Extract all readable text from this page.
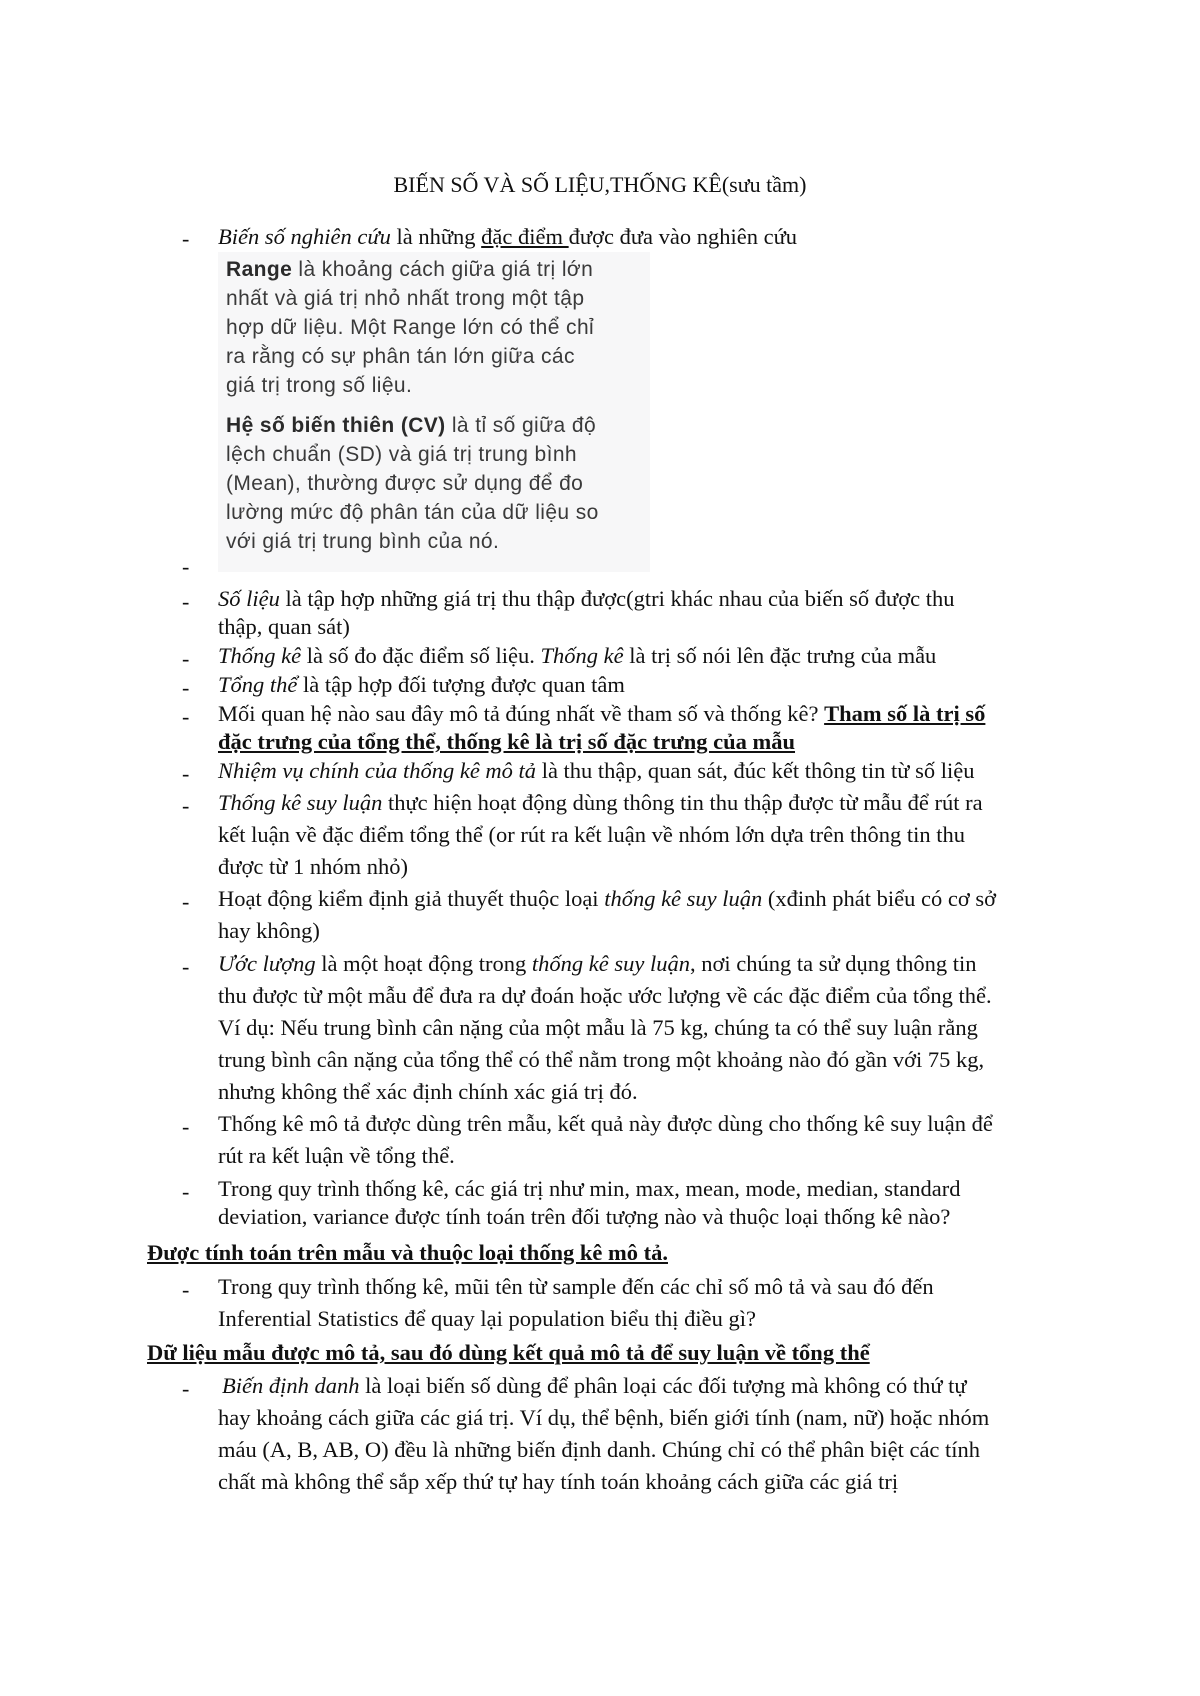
BIẾN SỐ VÀ SỐ LIỆU,THỐNG KÊ(sưu tầm)
-	Biến số nghiên cứu là những đặc điểm được đưa vào nghiên cứu
Range là khoảng cách giữa giá trị lớn
nhất và giá trị nhỏ nhất trong một tập
hợp dữ liệu. Một Range lớn có thể chỉ
ra rằng có sự phân tán lớn giữa các
giá trị trong số liệu.
Hệ số biến thiên (CV) là tỉ số giữa độ
lệch chuẩn (SD) và giá trị trung bình
(Mean), thường được sử dụng để đo
lường mức độ phân tán của dữ liệu so
với giá trị trung bình của nó.
-
-	Số liệu là tập hợp những giá trị thu thập được(gtri khác nhau của biến số được thu
thập, quan sát)
-	Thống kê là số đo đặc điểm số liệu. Thống kê là trị số nói lên đặc trưng của mẫu
-	Tổng thể là tập hợp đối tượng được quan tâm
-	Mối quan hệ nào sau đây mô tả đúng nhất về tham số và thống kê? Tham số là trị số
đặc trưng của tổng thể, thống kê là trị số đặc trưng của mẫu
-	Nhiệm vụ chính của thống kê mô tả là thu thập, quan sát, đúc kết thông tin từ số liệu
-	Thống kê suy luận thực hiện hoạt động dùng thông tin thu thập được từ mẫu để rút ra
kết luận về đặc điểm tổng thể (or rút ra kết luận về nhóm lớn dựa trên thông tin thu
được từ 1 nhóm nhỏ)
-	Hoạt động kiểm định giả thuyết thuộc loại thống kê suy luận (xđinh phát biểu có cơ sở
hay không)
-	Ước lượng là một hoạt động trong thống kê suy luận, nơi chúng ta sử dụng thông tin
thu được từ một mẫu để đưa ra dự đoán hoặc ước lượng về các đặc điểm của tổng thể.
Ví dụ: Nếu trung bình cân nặng của một mẫu là 75 kg, chúng ta có thể suy luận rằng
trung bình cân nặng của tổng thể có thể nằm trong một khoảng nào đó gần với 75 kg,
nhưng không thể xác định chính xác giá trị đó.
-	Thống kê mô tả được dùng trên mẫu, kết quả này được dùng cho thống kê suy luận để
rút ra kết luận về tổng thể.
-	Trong quy trình thống kê, các giá trị như min, max, mean, mode, median, standard
deviation, variance được tính toán trên đối tượng nào và thuộc loại thống kê nào?
Được tính toán trên mẫu và thuộc loại thống kê mô tả.
-	Trong quy trình thống kê, mũi tên từ sample đến các chỉ số mô tả và sau đó đến
Inferential Statistics để quay lại population biểu thị điều gì?
Dữ liệu mẫu được mô tả, sau đó dùng kết quả mô tả để suy luận về tổng thể
-	Biến định danh là loại biến số dùng để phân loại các đối tượng mà không có thứ tự
hay khoảng cách giữa các giá trị. Ví dụ, thể bệnh, biến giới tính (nam, nữ) hoặc nhóm
máu (A, B, AB, O) đều là những biến định danh. Chúng chỉ có thể phân biệt các tính
chất mà không thể sắp xếp thứ tự hay tính toán khoảng cách giữa các giá trị
